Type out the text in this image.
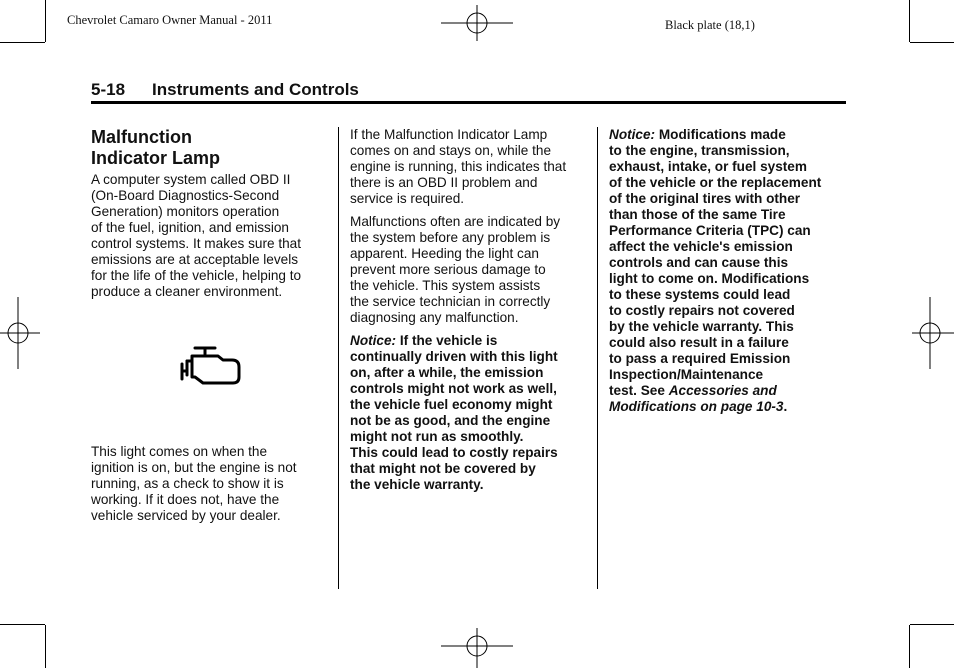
Chevrolet Camaro Owner Manual - 2011	Black plate (18,1)
5-18 Instruments and Controls
Malfunction
Indicator Lamp

A computer system called OBD II
(On-Board Diagnostics-Second
Generation) monitors operation
of the fuel, ignition, and emission
control systems. It makes sure that
emissions are at acceptable levels
for the life of the vehicle, helping to
produce a cleaner environment.

This light comes on when the
ignition is on, but the engine is not
running, as a check to show it is
working. If it does not, have the
vehicle serviced by your dealer.

If the Malfunction Indicator Lamp
comes on and stays on, while the
engine is running, this indicates that
there is an OBD II problem and
service is required.

Malfunctions often are indicated by
the system before any problem is
apparent. Heeding the light can
prevent more serious damage to
the vehicle. This system assists
the service technician in correctly
diagnosing any malfunction.

Notice: If the vehicle is
continually driven with this light
on, after a while, the emission
controls might not work as well,
the vehicle fuel economy might
not be as good, and the engine
might not run as smoothly.
This could lead to costly repairs
that might not be covered by
the vehicle warranty.

Notice: Modifications made
to the engine, transmission,
exhaust, intake, or fuel system
of the vehicle or the replacement
of the original tires with other
than those of the same Tire
Performance Criteria (TPC) can
affect the vehicle's emission
controls and can cause this
light to come on. Modifications
to these systems could lead
to costly repairs not covered
by the vehicle warranty. This
could also result in a failure
to pass a required Emission
Inspection/Maintenance
test. See Accessories and
Modifications on page 10‑3.
